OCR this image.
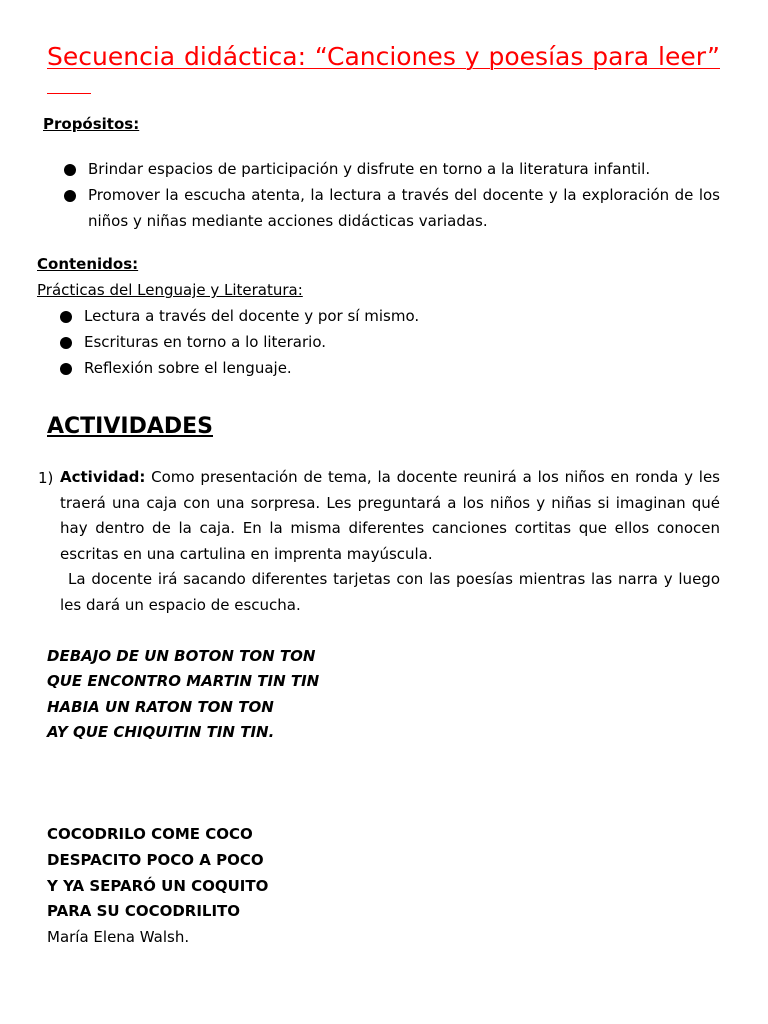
Secuencia didáctica: “Canciones y poesías para leer”
Propósitos:
Brindar espacios de participación y disfrute en torno a la literatura infantil.
Promover la escucha atenta, la lectura a través del docente y la exploración de los niños y niñas mediante acciones didácticas variadas.
Contenidos:
Prácticas del Lenguaje y Literatura:
Lectura a través del docente y por sí mismo.
Escrituras en torno a lo literario.
Reflexión sobre el lenguaje.
ACTIVIDADES
1) Actividad: Como presentación de tema, la docente reunirá a los niños en ronda y les traerá una caja con una sorpresa. Les preguntará a los niños y niñas si imaginan qué hay dentro de la caja. En la misma diferentes canciones cortitas que ellos conocen escritas en una cartulina en imprenta mayúscula.
La docente irá sacando diferentes tarjetas con las poesías mientras las narra y luego les dará un espacio de escucha.

DEBAJO DE UN BOTON TON TON
QUE ENCONTRO MARTIN TIN TIN
HABIA UN RATON TON TON
AY QUE CHIQUITIN TIN TIN.
COCODRILO COME COCO
DESPACITO POCO A POCO
Y YA SEPARÓ UN COQUITO
PARA SU COCODRILITO
María Elena Walsh.
